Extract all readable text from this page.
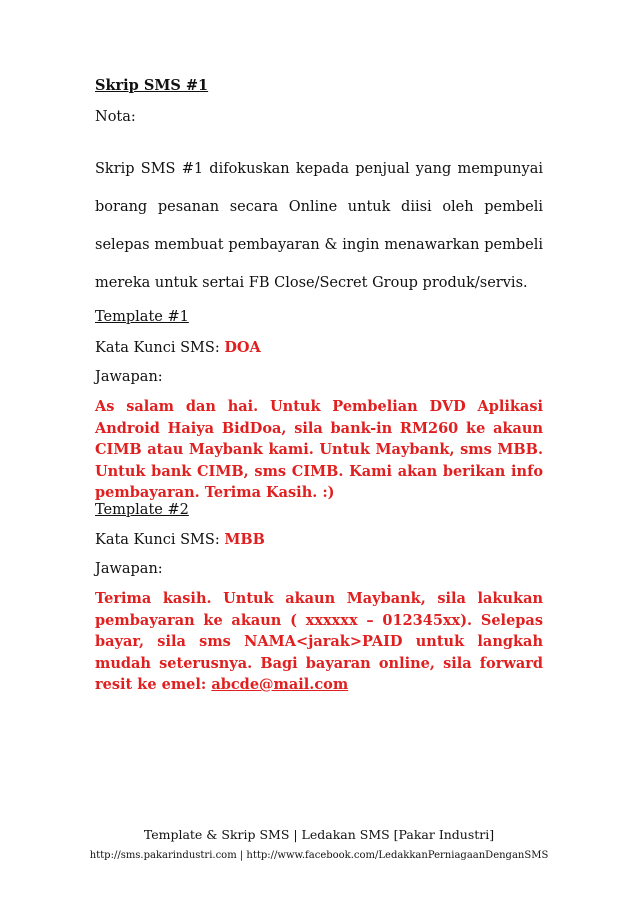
Skrip SMS #1
Nota:
Skrip SMS #1 difokuskan kepada penjual yang mempunyai borang pesanan secara Online untuk diisi oleh pembeli selepas membuat pembayaran & ingin menawarkan pembeli mereka untuk sertai FB Close/Secret Group produk/servis.
Template #1
Kata Kunci SMS: DOA
Jawapan:
As salam dan hai. Untuk Pembelian DVD Aplikasi Android Haiya BidDoa, sila bank-in RM260 ke akaun CIMB atau Maybank kami. Untuk Maybank, sms MBB. Untuk bank CIMB, sms CIMB. Kami akan berikan info pembayaran. Terima Kasih. :)
Template #2
Kata Kunci SMS: MBB
Jawapan:
Terima kasih. Untuk akaun Maybank, sila lakukan pembayaran ke akaun ( xxxxxx – 012345xx). Selepas bayar, sila sms NAMA<jarak>PAID untuk langkah mudah seterusnya. Bagi bayaran online, sila forward resit ke emel: abcde@mail.com
Template & Skrip SMS | Ledakan SMS [Pakar Industri]
http://sms.pakarindustri.com | http://www.facebook.com/LedakkanPerniagaanDenganSMS
